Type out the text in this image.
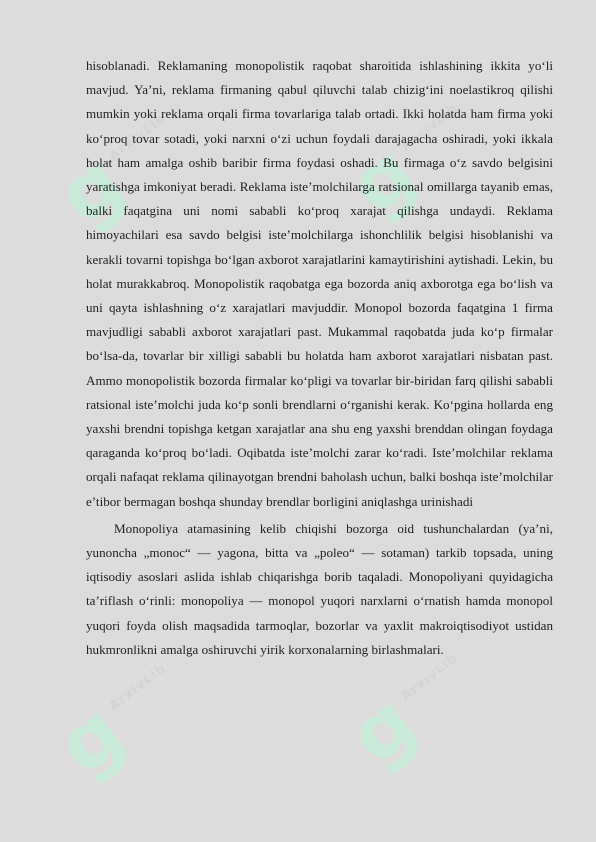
g
ArxivLib g
ArxivLib
g
ArxivLib g
ArxivLib

hisoblanadi. Reklamaning monopolistik raqobat sharoitida ishlashining ikkita yo‘li mavjud. Ya’ni, reklama firmaning qabul qiluvchi talab chizig‘ini noelastikroq qilishi mumkin yoki reklama orqali firma tovarlariga talab ortadi. Ikki holatda ham firma yoki ko‘proq tovar sotadi, yoki narxni o‘zi uchun foydali darajagacha oshiradi, yoki ikkala holat ham amalga oshib baribir firma foydasi oshadi. Bu firmaga o‘z savdo belgisini yaratishga imkoniyat beradi. Reklama iste’molchilarga ratsional omillarga tayanib emas, balki faqatgina uni nomi sababli ko‘proq xarajat qilishga undaydi. Reklama himoyachilari esa savdo belgisi iste’molchilarga ishonchlilik belgisi hisoblanishi va kerakli tovarni topishga bo‘lgan axborot xarajatlarini kamaytirishini aytishadi. Lekin, bu holat murakkabroq. Monopolistik raqobatga ega bozorda aniq axborotga ega bo‘lish va uni qayta ishlashning o‘z xarajatlari mavjuddir. Monopol bozorda faqatgina 1 firma mavjudligi sababli axborot xarajatlari past. Mukammal raqobatda juda ko‘p firmalar bo‘lsa-da, tovarlar bir xilligi sababli bu holatda ham axborot xarajatlari nisbatan past. Ammo monopolistik bozorda firmalar ko‘pligi va tovarlar bir-biridan farq qilishi sababli ratsional iste’molchi juda ko‘p sonli brendlarni o‘rganishi kerak. Ko‘pgina hollarda eng yaxshi brendni topishga ketgan xarajatlar ana shu eng yaxshi brenddan olingan foydaga qaraganda ko‘proq bo‘ladi. Oqibatda iste’molchi zarar ko‘radi. Iste’molchilar reklama orqali nafaqat reklama qilinayotgan brendni baholash uchun, balki boshqa iste’molchilar e’tibor bermagan boshqa shunday brendlar borligini aniqlashga urinishadi

Monopoliya atamasining kelib chiqishi bozorga oid tushunchalardan (ya’ni, yunoncha „monoc“ — yagona, bitta va „poleo“ — sotaman) tarkib topsada, uning iqtisodiy asoslari aslida ishlab chiqarishga borib taqaladi. Monopoliyani quyidagicha ta’riflash o‘rinli: monopoliya — monopol yuqori narxlarni o‘rnatish hamda monopol yuqori foyda olish maqsadida tarmoqlar, bozorlar va yaxlit makroiqtisodiyot ustidan hukmronlikni amalga oshiruvchi yirik korxonalarning birlashmalari.
